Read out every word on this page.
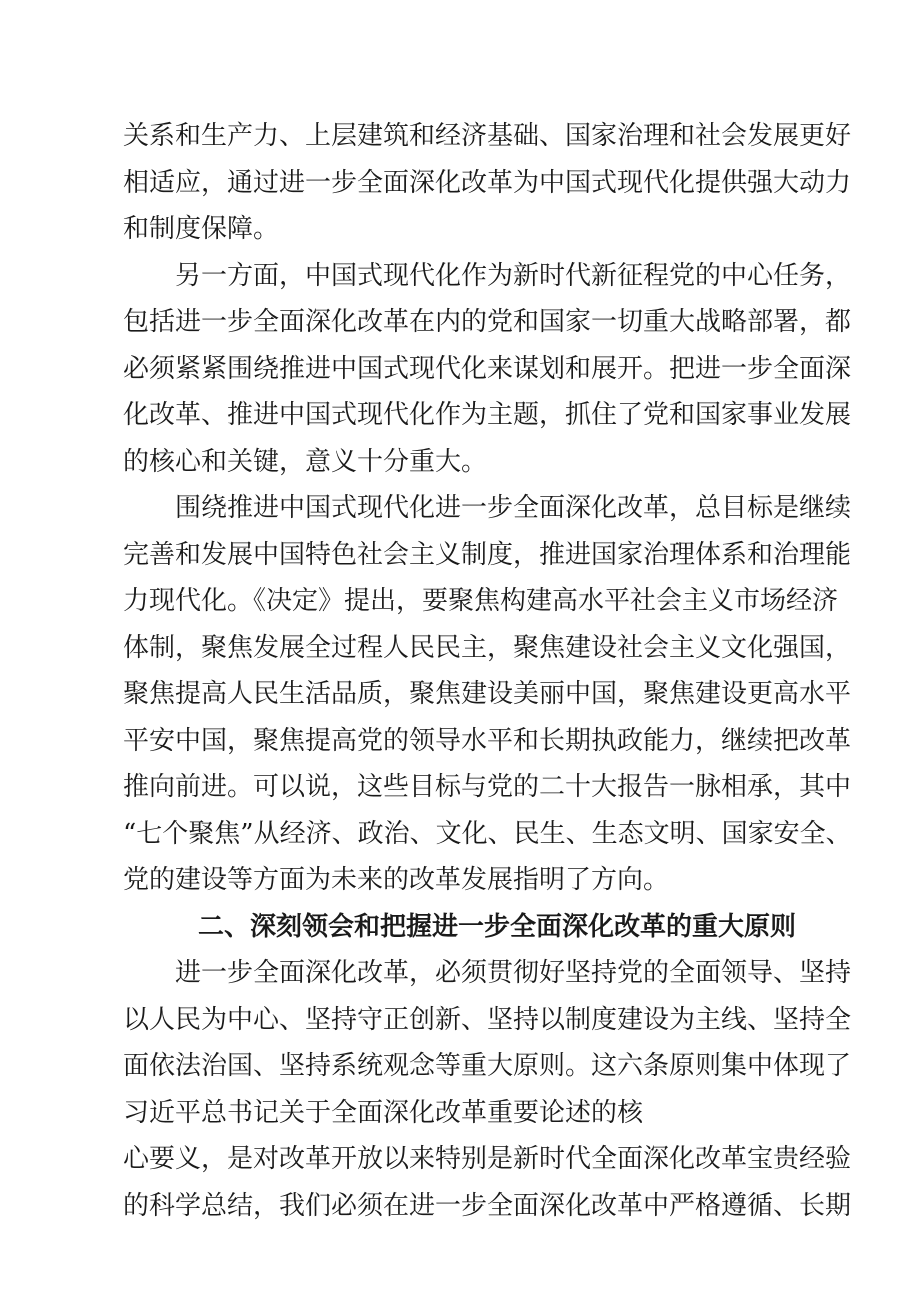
关系和生产力、上层建筑和经济基础、国家治理和社会发展更好
相适应，通过进一步全面深化改革为中国式现代化提供强大动力
和制度保障。
另一方面，中国式现代化作为新时代新征程党的中心任务，
包括进一步全面深化改革在内的党和国家一切重大战略部署，都
必须紧紧围绕推进中国式现代化来谋划和展开。把进一步全面深
化改革、推进中国式现代化作为主题，抓住了党和国家事业发展
的核心和关键，意义十分重大。
围绕推进中国式现代化进一步全面深化改革，总目标是继续
完善和发展中国特色社会主义制度，推进国家治理体系和治理能
力现代化。《决定》提出，要聚焦构建高水平社会主义市场经济
体制，聚焦发展全过程人民民主，聚焦建设社会主义文化强国，
聚焦提高人民生活品质，聚焦建设美丽中国，聚焦建设更高水平
平安中国，聚焦提高党的领导水平和长期执政能力，继续把改革
推向前进。可以说，这些目标与党的二十大报告一脉相承，其中
“七个聚焦”从经济、政治、文化、民生、生态文明、国家安全、
党的建设等方面为未来的改革发展指明了方向。
二、深刻领会和把握进一步全面深化改革的重大原则
进一步全面深化改革，必须贯彻好坚持党的全面领导、坚持
以人民为中心、坚持守正创新、坚持以制度建设为主线、坚持全
面依法治国、坚持系统观念等重大原则。这六条原则集中体现了
习近平总书记关于全面深化改革重要论述的核
心要义，是对改革开放以来特别是新时代全面深化改革宝贵经验
的科学总结，我们必须在进一步全面深化改革中严格遵循、长期
